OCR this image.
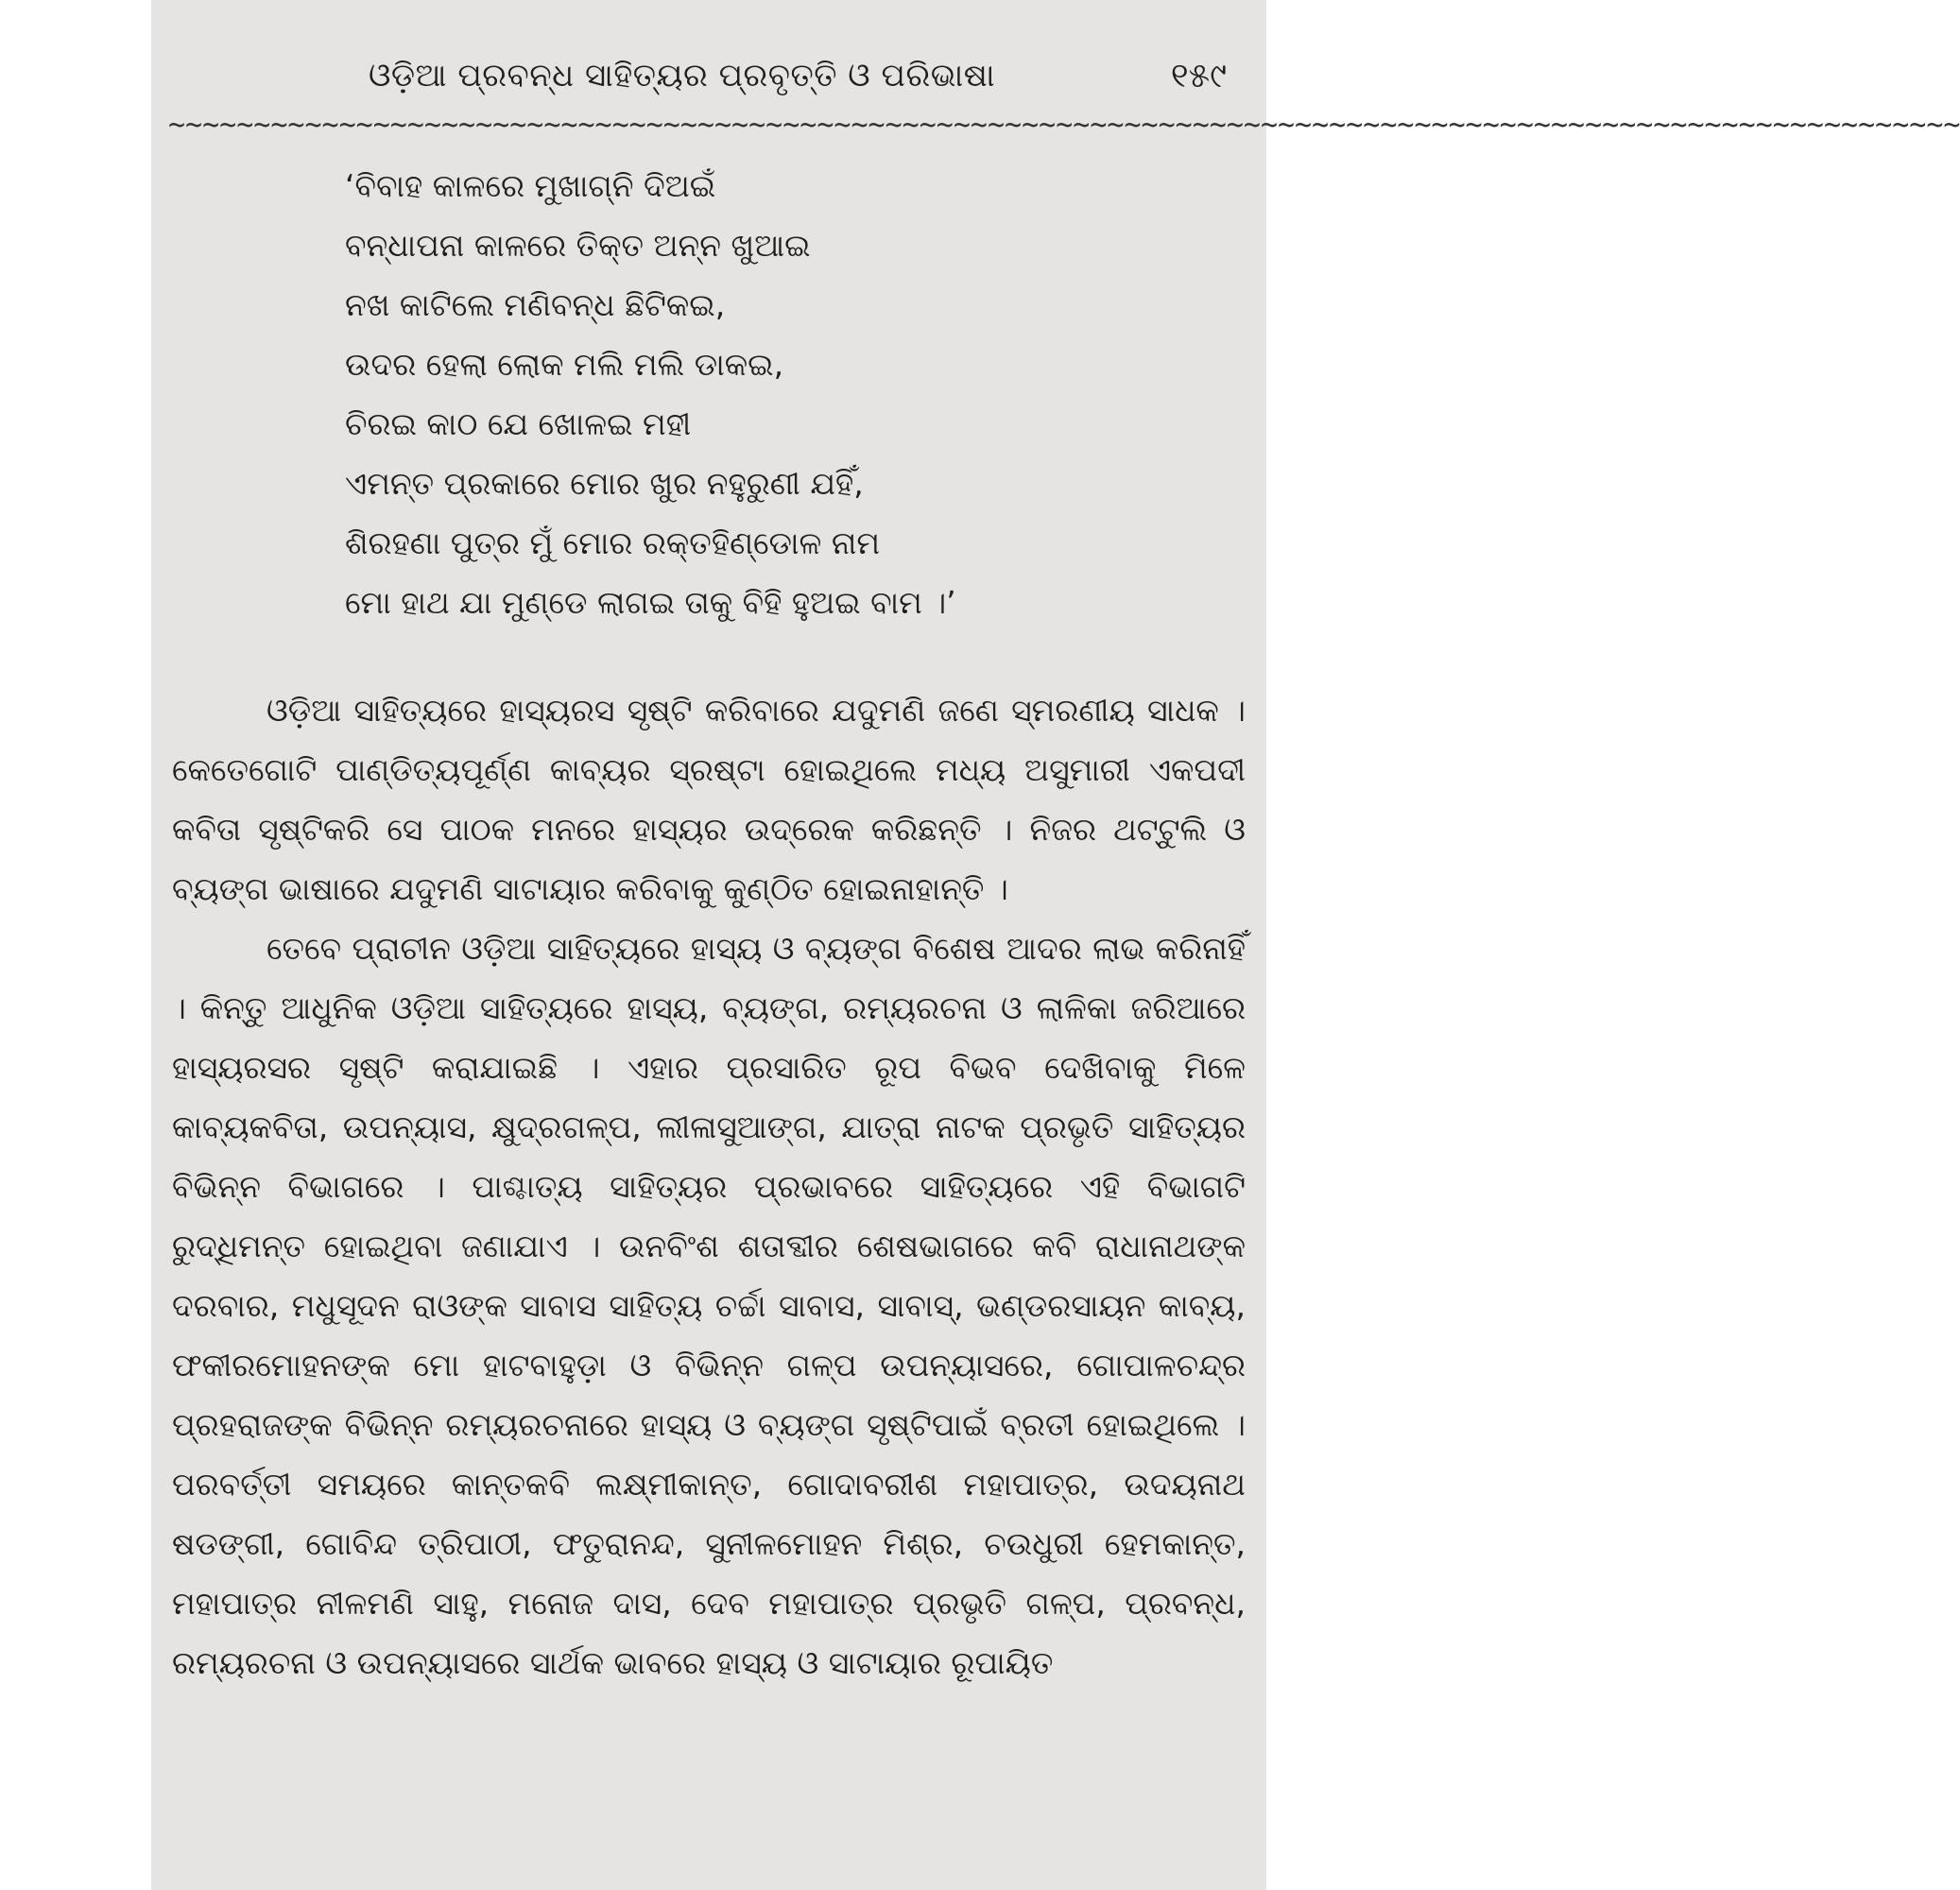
ଓଡ଼ିଆ ପ୍ରବନ୍ଧ ସାହିତ୍ୟର ପ୍ରବୃତ୍ତି ଓ ପରିଭାଷା	୧୫୯
~~~~~~~~~~~~~~~~~~~~~~~~~~~~~~~~~~~~~~~~~~~~~~~~~~~~~~~~~~~~~~~~~~~~~~~~~~~~~~~~~~~~~~~~~~~~~~~~~~~~~~~~~
‘ବିବାହ କାଳରେ ମୁଖାଗ୍ନି ଦିଅଇଁ
ବନ୍ଧାପନା କାଳରେ ତିକ୍ତ ଅନ୍ନ ଖୁଆଇ
ନଖ କାଟିଲେ ମଣିବନ୍ଧ ଛିଟିକଇ,
ଉଦର ହେଲା ଲୋକ ମଲି ମଲି ଡାକଇ,
ଚିରଇ କାଠ ଯେ ଖୋଳଇ ମହୀ
ଏମନ୍ତ ପ୍ରକାରେ ମୋର ଖୁର ନହୁରୁଣୀ ଯହିଁ,
ଶିରହଣା ପୁତ୍ର ମୁଁ ମୋର ରକ୍ତହିଣ୍ଡୋଳ ନାମ
ମୋ ହାଥ ଯା ମୁଣ୍ଡେ ଲାଗଇ ତାକୁ ବିହି ହୁଅଇ ବାମ ।’

ଓଡ଼ିଆ ସାହିତ୍ୟରେ ହାସ୍ୟରସ ସୃଷ୍ଟି କରିବାରେ ଯଦୁମଣି ଜଣେ ସ୍ମରଣୀୟ ସାଧକ । କେତେଗୋଟି ପାଣ୍ଡିତ୍ୟପୂର୍ଣ୍ଣ କାବ୍ୟର ସ୍ରଷ୍ଟା ହୋଇଥିଲେ ମଧ୍ୟ ଅସୁମାରୀ ଏକପଦୀ କବିତା ସୃଷ୍ଟିକରି ସେ ପାଠକ ମନରେ ହାସ୍ୟର ଉଦ୍ରେକ କରିଛନ୍ତି । ନିଜର ଥଟ୍ଟୁଲି ଓ ବ୍ୟଙ୍ଗ ଭାଷାରେ ଯଦୁମଣି ସାଟାୟାର କରିବାକୁ କୁଣ୍ଠିତ ହୋଇନାହାନ୍ତି ।

ତେବେ ପ୍ରାଚୀନ ଓଡ଼ିଆ ସାହିତ୍ୟରେ ହାସ୍ୟ ଓ ବ୍ୟଙ୍ଗ ବିଶେଷ ଆଦର ଲାଭ କରିନାହିଁ । କିନ୍ତୁ ଆଧୁନିକ ଓଡ଼ିଆ ସାହିତ୍ୟରେ ହାସ୍ୟ, ବ୍ୟଙ୍ଗ, ରମ୍ୟରଚନା ଓ ଲାଳିକା ଜରିଆରେ ହାସ୍ୟରସର ସୃଷ୍ଟି କରାଯାଇଛି । ଏହାର ପ୍ରସାରିତ ରୂପ ବିଭବ ଦେଖିବାକୁ ମିଳେ କାବ୍ୟକବିତା, ଉପନ୍ୟାସ, କ୍ଷୁଦ୍ରଗଳ୍ପ, ଲୀଳାସୁଆଙ୍ଗ, ଯାତ୍ରା ନାଟକ ପ୍ରଭୃତି ସାହିତ୍ୟର ବିଭିନ୍ନ ବିଭାଗରେ । ପାଶ୍ଚାତ୍ୟ ସାହିତ୍ୟର ପ୍ରଭାବରେ ସାହିତ୍ୟରେ ଏହି ବିଭାଗଟି ରୁଦ୍ଧିମନ୍ତ ହୋଇଥିବା ଜଣାଯାଏ । ଉନବିଂଶ ଶତାବ୍ଦୀର ଶେଷଭାଗରେ କବି ରାଧାନାଥଙ୍କ ଦରବାର, ମଧୁସୂଦନ ରାଓଙ୍କ ସାବାସ ସାହିତ୍ୟ ଚର୍ଚ୍ଚା ସାବାସ, ସାବାସ୍, ଭଣ୍ଡରସାୟନ କାବ୍ୟ, ଫକୀରମୋହନଙ୍କ ମୋ ହାଟବାହୁଡ଼ା ଓ ବିଭିନ୍ନ ଗଳ୍ପ ଉପନ୍ୟାସରେ, ଗୋପାଳଚନ୍ଦ୍ର ପ୍ରହରାଜଙ୍କ ବିଭିନ୍ନ ରମ୍ୟରଚନାରେ ହାସ୍ୟ ଓ ବ୍ୟଙ୍ଗ ସୃଷ୍ଟିପାଇଁ ବ୍ରତୀ ହୋଇଥିଲେ । ପରବର୍ତ୍ତୀ ସମୟରେ କାନ୍ତକବି ଲକ୍ଷ୍ମୀକାନ୍ତ, ଗୋଦାବରୀଶ ମହାପାତ୍ର, ଉଦୟନାଥ ଷଡଙ୍ଗୀ, ଗୋବିନ୍ଦ ତ୍ରିପାଠୀ, ଫତୁରାନନ୍ଦ, ସୁନୀଳମୋହନ ମିଶ୍ର, ଚଉଧୁରୀ ହେମକାନ୍ତ, ମହାପାତ୍ର ନୀଳମଣି ସାହୁ, ମନୋଜ ଦାସ, ଦେବ ମହାପାତ୍ର ପ୍ରଭୃତି ଗଳ୍ପ, ପ୍ରବନ୍ଧ, ରମ୍ୟରଚନା ଓ ଉପନ୍ୟାସରେ ସାର୍ଥକ ଭାବରେ ହାସ୍ୟ ଓ ସାଟାୟାର ରୂପାୟିତ
